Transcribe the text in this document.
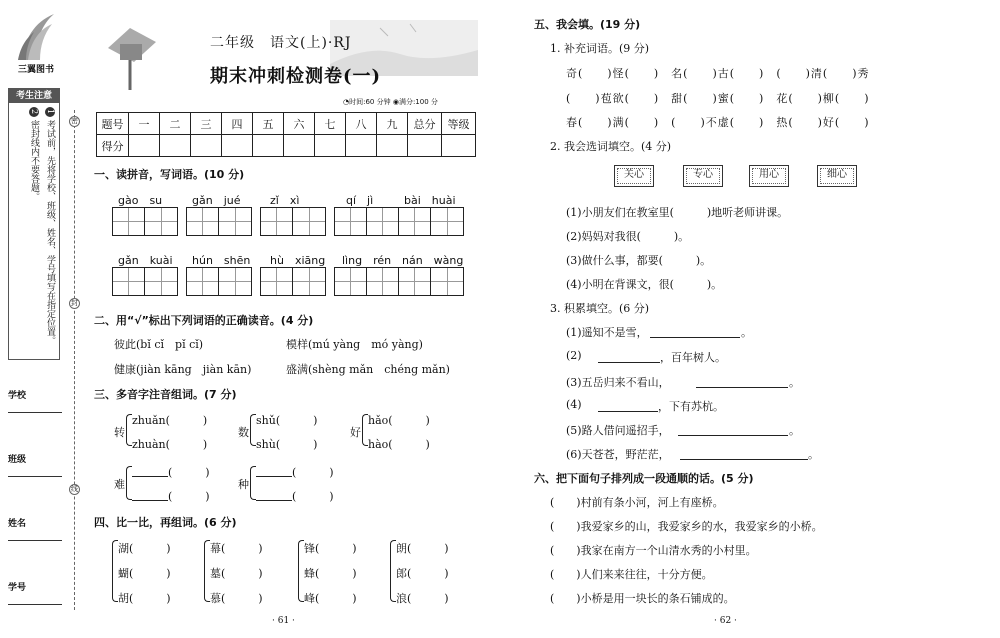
三翼图书
考生注意
1 考试前，先将学校、班级、姓名、学号填写在指定位置。
2 密封线内不要答题。
学校
班级
姓名
学号
密
封
线
二年级　语文(上)·RJ
期末冲刺检测卷(一)
◔时间:60 分钟 ◉满分:100 分
题号	一	二	三	四	五	六	七	八	九	总分	等级
得分											
一、读拼音，写词语。(10 分)
gào　su	gǎn　jué	zǐ　xì	qí　jì	bài　huài
gǎn　kuài hún　shēn hù　xiāng lìng　rén nán　wàng
二、用“√”标出下列词语的正确读音。(4 分)
彼此(bǐ cǐ　pǐ cǐ)	模样(mú yàng　mó yàng)
健康(jiàn kāng　jiàn kān)	盛满(shèng mǎn　chéng mǎn)
三、多音字注音组词。(7 分)
转
zhuǎn(　　　)
zhuàn(　　　)
数
shǔ(　　　)
shù(　　　)
好
hǎo(　　　)
hào(　　　)
难
(　　　)
(　　　)
种
(　　　)
(　　　)
四、比一比，再组词。(6 分)
湖(　　　)
蝴(　　　)
胡(　　　)
幕(　　　)
墓(　　　)
慕(　　　)
锋(　　　)
蜂(　　　)
峰(　　　)
朗(　　　)
郎(　　　)
浪(　　　)
· 61 ·
五、我会填。(19 分)
1. 补充词语。(9 分)
奇(　　)怪(　　)　名(　　)古(　　)　(　　)清(　　)秀
(　　)苞欲(　　)　甜(　　)蜜(　　)　花(　　)柳(　　)
春(　　)满(　　)　(　　)不虚(　　)　热(　　)好(　　)
2. 我会选词填空。(4 分)
关心	专心	用心	细心
(1)小朋友们在教室里(　　　)地听老师讲课。
(2)妈妈对我很(　　　)。
(3)做什么事，都要(　　　)。
(4)小明在背课文，很(　　　)。
3. 积累填空。(6 分)
(1)遥知不是雪，	。
(2)	，百年树人。
(3)五岳归来不看山，	。
(4)	，下有苏杭。
(5)路人借问遥招手，	。
(6)天苍苍，野茫茫，	。
六、把下面句子排列成一段通顺的话。(5 分)
(　　)村前有条小河，河上有座桥。
(　　)我爱家乡的山，我爱家乡的水，我爱家乡的小桥。
(　　)我家在南方一个山清水秀的小村里。
(　　)人们来来往往，十分方便。
(　　)小桥是用一块长的条石铺成的。
· 62 ·
